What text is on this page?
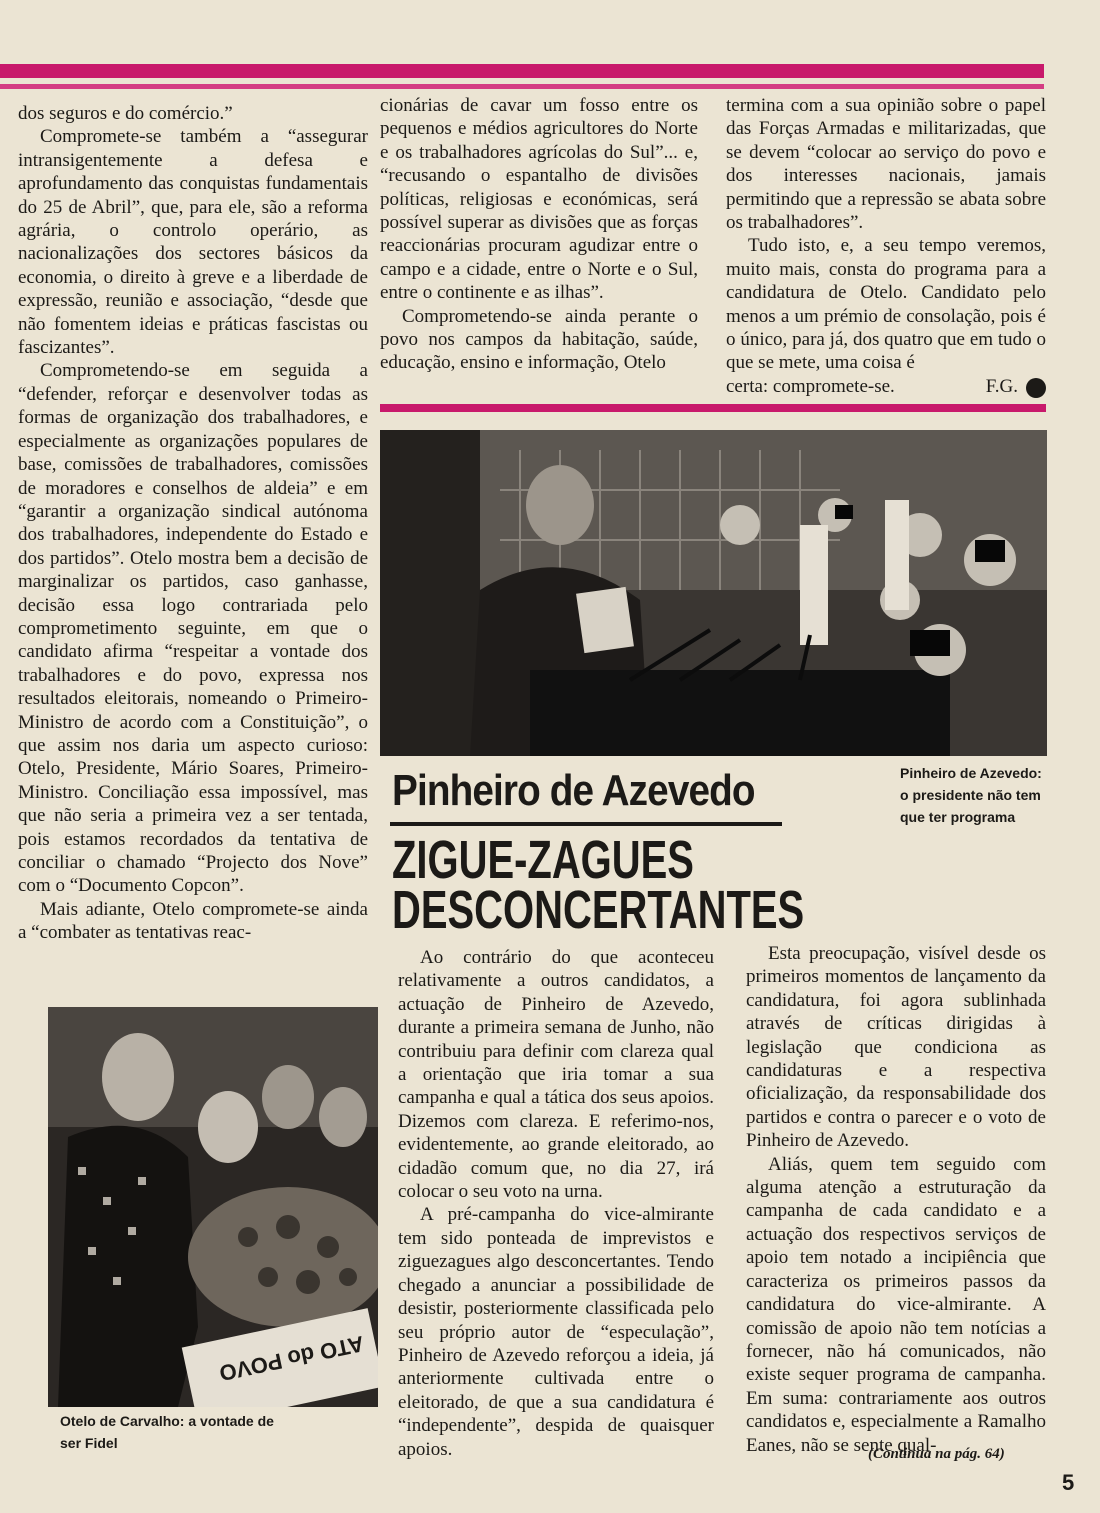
dos seguros e do comércio.”

Compromete-se também a “assegurar intransigentemente a defesa e aprofundamento das conquistas fundamentais do 25 de Abril”, que, para ele, são a reforma agrária, o controlo operário, as nacionalizações dos sectores básicos da economia, o direito à greve e a liberdade de expressão, reunião e associação, “desde que não fomentem ideias e práticas fascistas ou fascizantes”.

Comprometendo-se em seguida a “defender, reforçar e desenvolver todas as formas de organização dos trabalhadores, e especialmente as organizações populares de base, comissões de trabalhadores, comissões de moradores e conselhos de aldeia” e em “garantir a organização sindical autónoma dos trabalhadores, independente do Estado e dos partidos”. Otelo mostra bem a decisão de marginalizar os partidos, caso ganhasse, decisão essa logo contrariada pelo comprometimento seguinte, em que o candidato afirma “respeitar a vontade dos trabalhadores e do povo, expressa nos resultados eleitorais, nomeando o Primeiro-Ministro de acordo com a Constituição”, o que assim nos daria um aspecto curioso: Otelo, Presidente, Mário Soares, Primeiro-Ministro. Conciliação essa impossível, mas que não seria a primeira vez a ser tentada, pois estamos recordados da tentativa de conciliar o chamado “Projecto dos Nove” com o “Documento Copcon”.

Mais adiante, Otelo compromete-se ainda a “combater as tentativas reac-

cionárias de cavar um fosso entre os pequenos e médios agricultores do Norte e os trabalhadores agrícolas do Sul”... e, “recusando o espantalho de divisões políticas, religiosas e económicas, será possível superar as divisões que as forças reaccionárias procuram agudizar entre o campo e a cidade, entre o Norte e o Sul, entre o continente e as ilhas”.

Comprometendo-se ainda perante o povo nos campos da habitação, saúde, educação, ensino e informação, Otelo

termina com a sua opinião sobre o papel das Forças Armadas e militarizadas, que se devem “colocar ao serviço do povo e dos interesses nacionais, jamais permitindo que a repressão se abata sobre os trabalhadores”.

Tudo isto, e, a seu tempo veremos, muito mais, consta do programa para a candidatura de Otelo. Candidato pelo menos a um prémio de consolação, pois é o único, para já, dos quatro que em tudo o que se mete, uma coisa é

certa: compromete-se.	F.G.
Pinheiro de Azevedo:
o presidente não tem
que ter programa
Pinheiro de Azevedo
ZIGUE-ZAGUES
DESCONCERTANTES
ATO do POVO
Otelo de Carvalho: a vontade de
ser Fidel

Ao contrário do que aconteceu relativamente a outros candidatos, a actuação de Pinheiro de Azevedo, durante a primeira semana de Junho, não contribuiu para definir com clareza qual a orientação que iria tomar a sua campanha e qual a tática dos seus apoios. Dizemos com clareza. E referimo-nos, evidentemente, ao grande eleitorado, ao cidadão comum que, no dia 27, irá colocar o seu voto na urna.

A pré-campanha do vice-almirante tem sido ponteada de imprevistos e ziguezagues algo desconcertantes. Tendo chegado a anunciar a possibilidade de desistir, posteriormente classificada pelo seu próprio autor de “especulação”, Pinheiro de Azevedo reforçou a ideia, já anteriormente cultivada entre o eleitorado, de que a sua candidatura é “independente”, despida de quaisquer apoios.

Esta preocupação, visível desde os primeiros momentos de lançamento da candidatura, foi agora sublinhada através de críticas dirigidas à legislação que condiciona as candidaturas e a respectiva oficialização, da responsabilidade dos partidos e contra o parecer e o voto de Pinheiro de Azevedo.

Aliás, quem tem seguido com alguma atenção a estruturação da campanha de cada candidato e a actuação dos respectivos serviços de apoio tem notado a incipiência que caracteriza os primeiros passos da candidatura do vice-almirante. A comissão de apoio não tem notícias a fornecer, não há comunicados, não existe sequer programa de campanha. Em suma: contrariamente aos outros candidatos e, especialmente a Ramalho Eanes, não se sente qual-

(Continua na pág. 64)
5
